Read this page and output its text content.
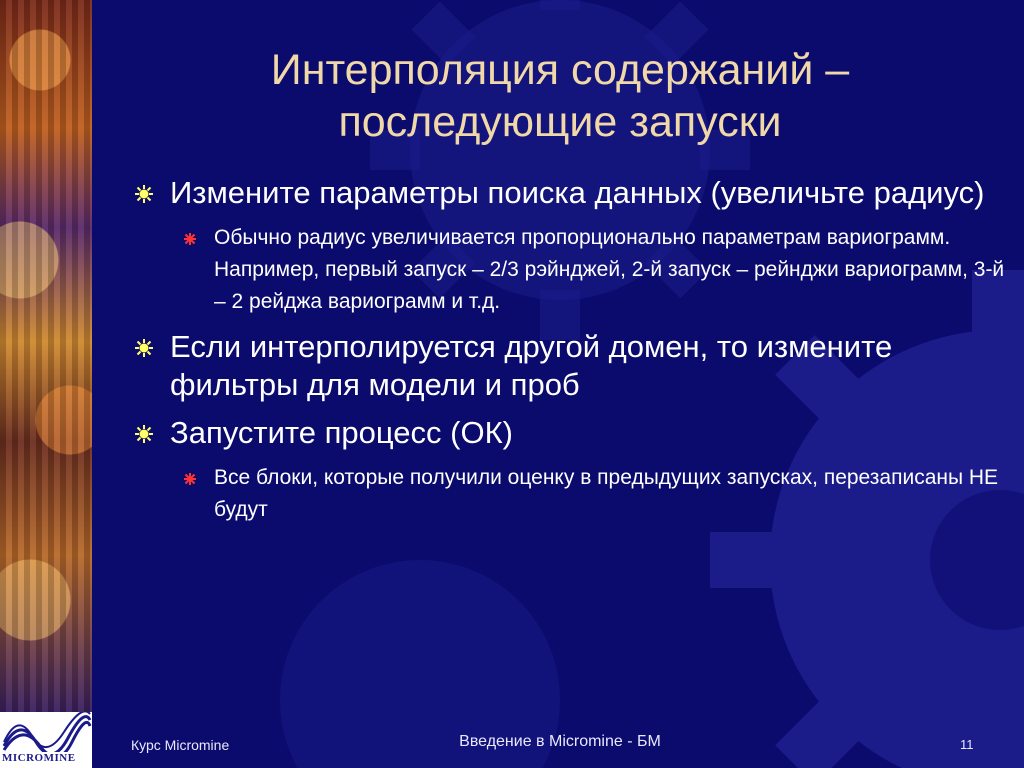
MICROMINE
Интерполяция содержаний –
последующие запуски
Измените параметры поиска данных (увеличьте радиус)
Обычно радиус увеличивается пропорционально параметрам вариограмм. Например, первый запуск – 2/3 рэйнджей, 2-й запуск – рейнджи вариограмм, 3-й – 2 рейджа вариограмм и т.д.
Если интерполируется другой домен, то измените фильтры для модели и проб
Запустите процесс (ОК)
Все блоки, которые получили оценку в предыдущих запусках, перезаписаны НЕ будут
Курс Micromine	Введение в Micromine - БМ	11
